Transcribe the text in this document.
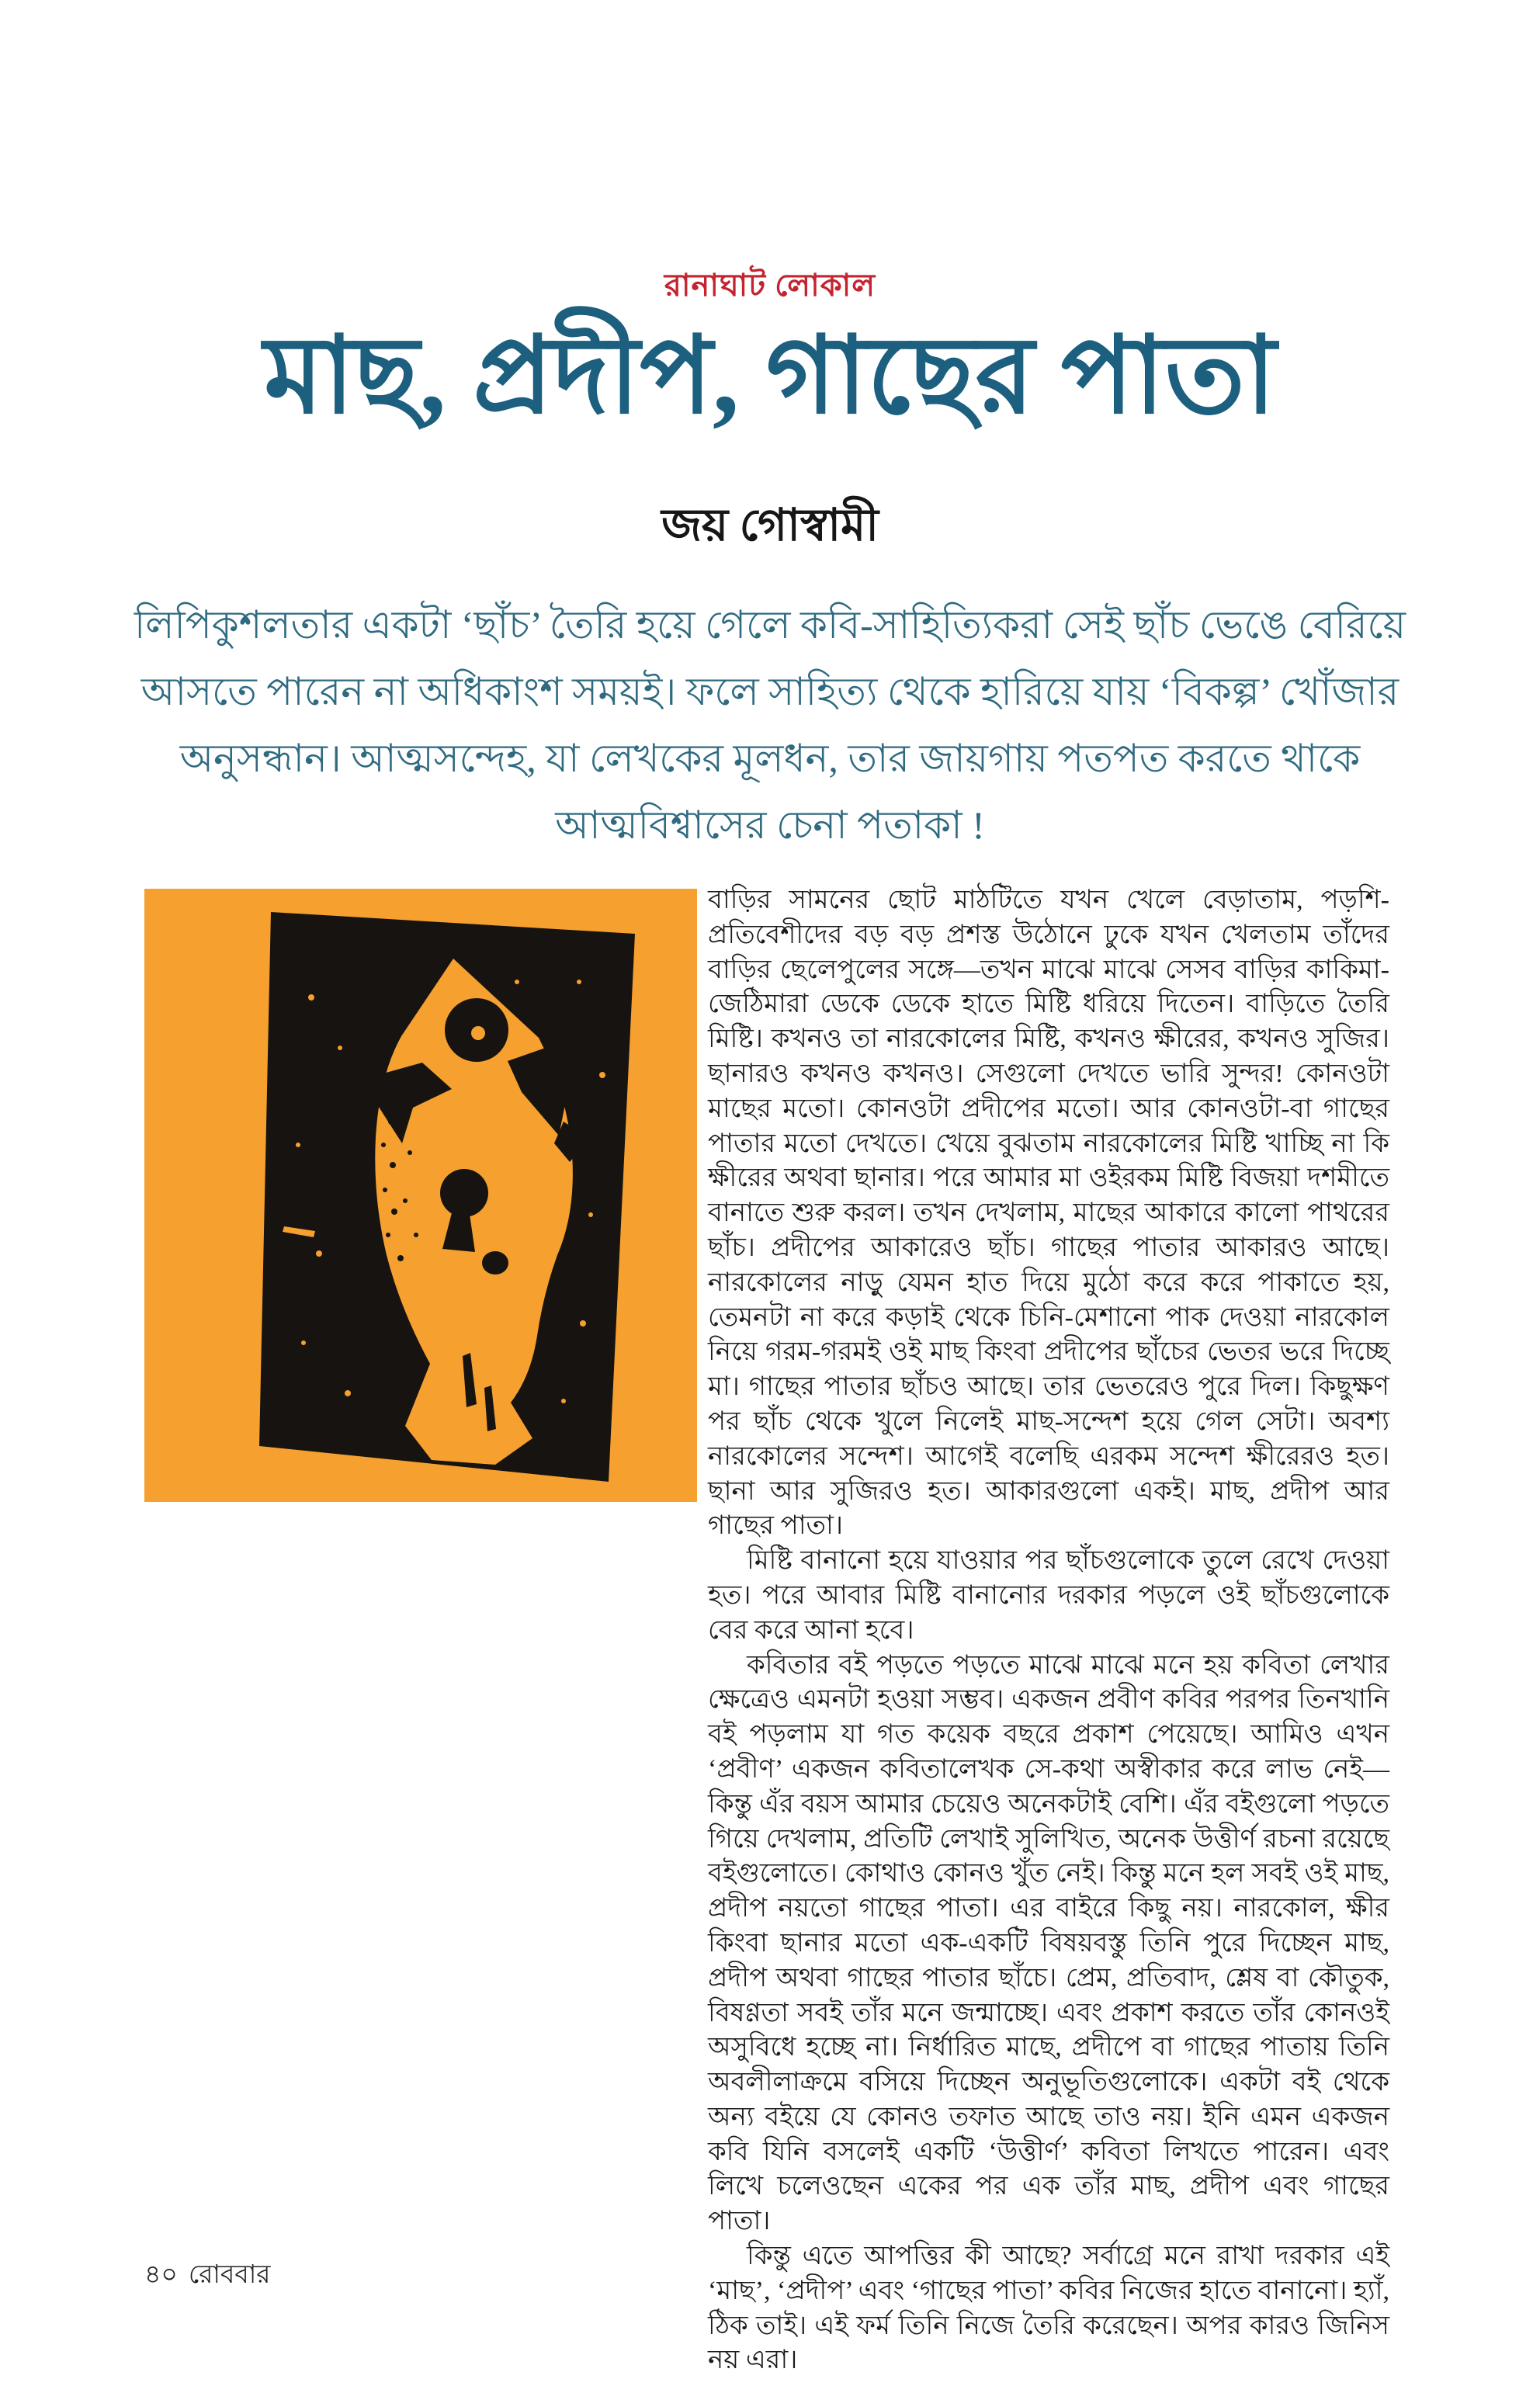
রানাঘাট লোকাল
মাছ, প্রদীপ, গাছের পাতা
জয় গোস্বামী
লিপিকুশলতার একটা ‘ছাঁচ’ তৈরি হয়ে গেলে কবি-সাহিত্যিকরা সেই ছাঁচ ভেঙে বেরিয়ে আসতে পারেন না অধিকাংশ সময়ই। ফলে সাহিত্য থেকে হারিয়ে যায় ‘বিকল্প’ খোঁজার অনুসন্ধান। আত্মসন্দেহ, যা লেখকের মূলধন, তার জায়গায় পতপত করতে থাকে আত্মবিশ্বাসের চেনা পতাকা !

বাড়ির সামনের ছোট মাঠটিতে যখন খেলে বেড়াতাম, পড়শি-প্রতিবেশীদের বড় বড় প্রশস্ত উঠোনে ঢুকে যখন খেলতাম তাঁদের বাড়ির ছেলেপুলের সঙ্গে—তখন মাঝে মাঝে সেসব বাড়ির কাকিমা-জেঠিমারা ডেকে ডেকে হাতে মিষ্টি ধরিয়ে দিতেন। বাড়িতে তৈরি মিষ্টি। কখনও তা নারকোলের মিষ্টি, কখনও ক্ষীরের, কখনও সুজির। ছানারও কখনও কখনও। সেগুলো দেখতে ভারি সুন্দর! কোনওটা মাছের মতো। কোনওটা প্রদীপের মতো। আর কোনওটা-বা গাছের পাতার মতো দেখতে। খেয়ে বুঝতাম নারকোলের মিষ্টি খাচ্ছি না কি ক্ষীরের অথবা ছানার। পরে আমার মা ওইরকম মিষ্টি বিজয়া দশমীতে বানাতে শুরু করল। তখন দেখলাম, মাছের আকারে কালো পাথরের ছাঁচ। প্রদীপের আকারেও ছাঁচ। গাছের পাতার আকারও আছে। নারকোলের নাড়ু যেমন হাত দিয়ে মুঠো করে করে পাকাতে হয়, তেমনটা না করে কড়াই থেকে চিনি-মেশানো পাক দেওয়া নারকোল নিয়ে গরম-গরমই ওই মাছ কিংবা প্রদীপের ছাঁচের ভেতর ভরে দিচ্ছে মা। গাছের পাতার ছাঁচও আছে। তার ভেতরেও পুরে দিল। কিছুক্ষণ পর ছাঁচ থেকে খুলে নিলেই মাছ-সন্দেশ হয়ে গেল সেটা। অবশ্য নারকোলের সন্দেশ। আগেই বলেছি এরকম সন্দেশ ক্ষীরেরও হত। ছানা আর সুজিরও হত। আকারগুলো একই। মাছ, প্রদীপ আর গাছের পাতা।

মিষ্টি বানানো হয়ে যাওয়ার পর ছাঁচগুলোকে তুলে রেখে দেওয়া হত। পরে আবার মিষ্টি বানানোর দরকার পড়লে ওই ছাঁচগুলোকে বের করে আনা হবে।

কবিতার বই পড়তে পড়তে মাঝে মাঝে মনে হয় কবিতা লেখার ক্ষেত্রেও এমনটা হওয়া সম্ভব। একজন প্রবীণ কবির পরপর তিনখানি বই পড়লাম যা গত কয়েক বছরে প্রকাশ পেয়েছে। আমিও এখন ‘প্রবীণ’ একজন কবিতালেখক সে-কথা অস্বীকার করে লাভ নেই—কিন্তু এঁর বয়স আমার চেয়েও অনেকটাই বেশি। এঁর বইগুলো পড়তে গিয়ে দেখলাম, প্রতিটি লেখাই সুলিখিত, অনেক উত্তীর্ণ রচনা রয়েছে বইগুলোতে। কোথাও কোনও খুঁত নেই। কিন্তু মনে হল সবই ওই মাছ, প্রদীপ নয়তো গাছের পাতা। এর বাইরে কিছু নয়। নারকোল, ক্ষীর কিংবা ছানার মতো এক-একটি বিষয়বস্তু তিনি পুরে দিচ্ছেন মাছ, প্রদীপ অথবা গাছের পাতার ছাঁচে। প্রেম, প্রতিবাদ, শ্লেষ বা কৌতুক, বিষণ্ণতা সবই তাঁর মনে জন্মাচ্ছে। এবং প্রকাশ করতে তাঁর কোনওই অসুবিধে হচ্ছে না। নির্ধারিত মাছে, প্রদীপে বা গাছের পাতায় তিনি অবলীলাক্রমে বসিয়ে দিচ্ছেন অনুভূতিগুলোকে। একটা বই থেকে অন্য বইয়ে যে কোনও তফাত আছে তাও নয়। ইনি এমন একজন কবি যিনি বসলেই একটি ‘উত্তীর্ণ’ কবিতা লিখতে পারেন। এবং লিখে চলেওছেন একের পর এক তাঁর মাছ, প্রদীপ এবং গাছের পাতা।

কিন্তু এতে আপত্তির কী আছে? সর্বাগ্রে মনে রাখা দরকার এই ‘মাছ’, ‘প্রদীপ’ এবং ‘গাছের পাতা’ কবির নিজের হাতে বানানো। হ্যাঁ, ঠিক তাই। এই ফর্ম তিনি নিজে তৈরি করেছেন। অপর কারও জিনিস নয় এরা।

৪০ রোববার
